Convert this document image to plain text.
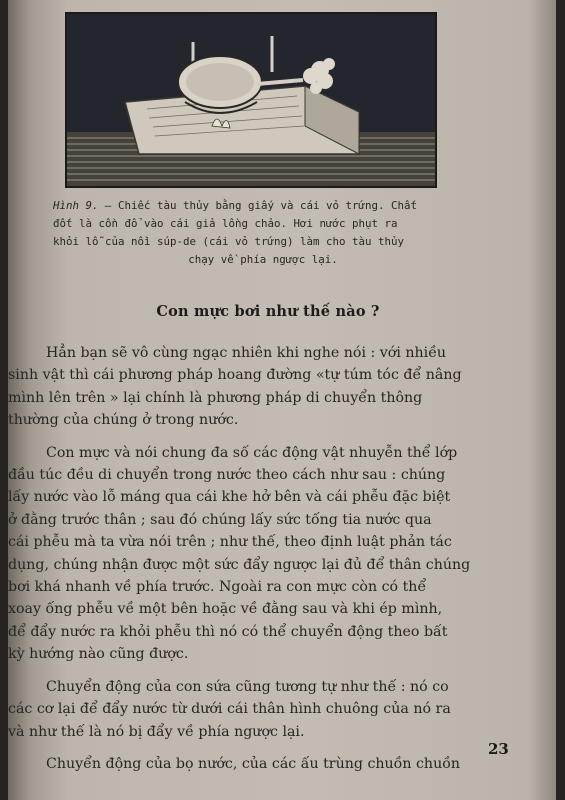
Hình 9. — Chiếc tàu thủy bằng giấy và cái vỏ trứng. Chất
đốt là cồn đổ vào cái giả lồng chảo. Hơi nước phụt ra
khỏi lỗ của nồi súp-de (cái vỏ trứng) làm cho tàu thủy

chạy về phía ngược lại.
Con mực bơi như thế nào ?

Hẳn bạn sẽ vô cùng ngạc nhiên khi nghe nói : với nhiều
sinh vật thì cái phương pháp hoang đường «tự túm tóc để nâng
mình lên trên » lại chính là phương pháp di chuyển thông
thường của chúng ở trong nước.

Con mực và nói chung đa số các động vật nhuyễn thể lớp
đầu túc đều di chuyển trong nước theo cách như sau : chúng
lấy nước vào lỗ máng qua cái khe hở bên và cái phễu đặc biệt
ở đằng trước thân ; sau đó chúng lấy sức tống tia nước qua
cái phễu mà ta vừa nói trên ; như thế, theo định luật phản tác
dụng, chúng nhận được một sức đẩy ngược lại đủ để thân chúng
bơi khá nhanh về phía trước. Ngoài ra con mực còn có thể
xoay ống phễu về một bên hoặc về đằng sau và khi ép mình,
để đẩy nước ra khỏi phễu thì nó có thể chuyển động theo bất
kỳ hướng nào cũng được.

Chuyển động của con sứa cũng tương tự như thế : nó co
các cơ lại để đẩy nước từ dưới cái thân hình chuông của nó ra
và như thế là nó bị đẩy về phía ngược lại.

Chuyển động của bọ nước, của các ấu trùng chuồn chuồn

23
